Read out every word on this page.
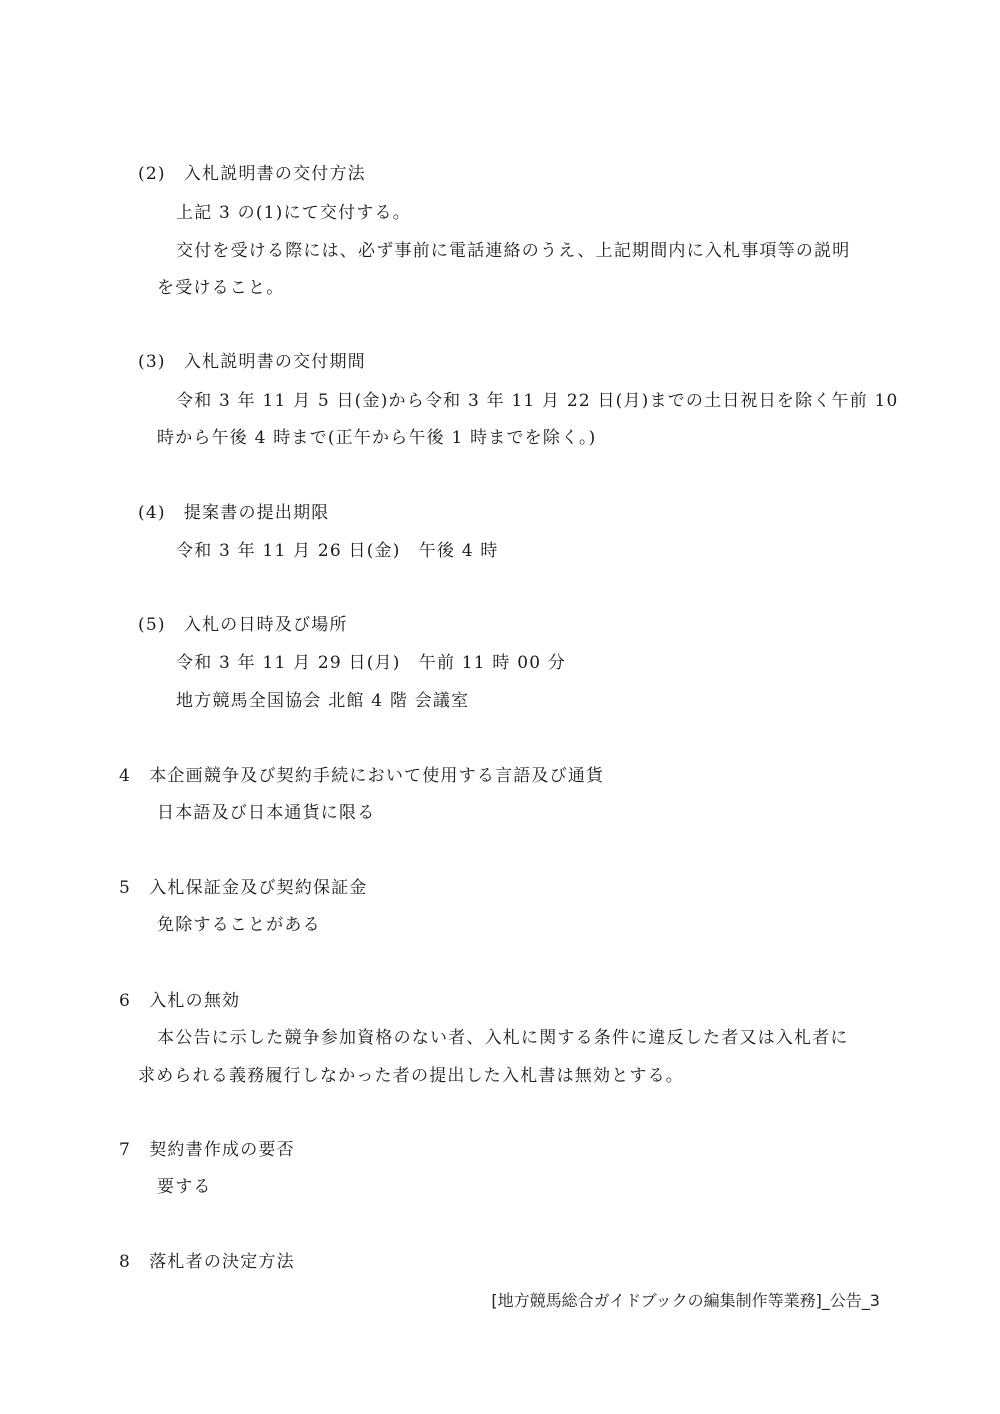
(2)　入札説明書の交付方法
上記 3 の(1)にて交付する。
交付を受ける際には、必ず事前に電話連絡のうえ、上記期間内に入札事項等の説明
を受けること。
(3)　入札説明書の交付期間
令和 3 年 11 月 5 日(金)から令和 3 年 11 月 22 日(月)までの土日祝日を除く午前 10
時から午後 4 時まで(正午から午後 1 時までを除く。)
(4)　提案書の提出期限
令和 3 年 11 月 26 日(金)　午後 4 時
(5)　入札の日時及び場所
令和 3 年 11 月 29 日(月)　午前 11 時 00 分
地方競馬全国協会 北館 4 階 会議室
4　本企画競争及び契約手続において使用する言語及び通貨
日本語及び日本通貨に限る
5　入札保証金及び契約保証金
免除することがある
6　入札の無効
本公告に示した競争参加資格のない者、入札に関する条件に違反した者又は入札者に
求められる義務履行しなかった者の提出した入札書は無効とする。
7　契約書作成の要否
要する
8　落札者の決定方法
[地方競馬総合ガイドブックの編集制作等業務]_公告_3
